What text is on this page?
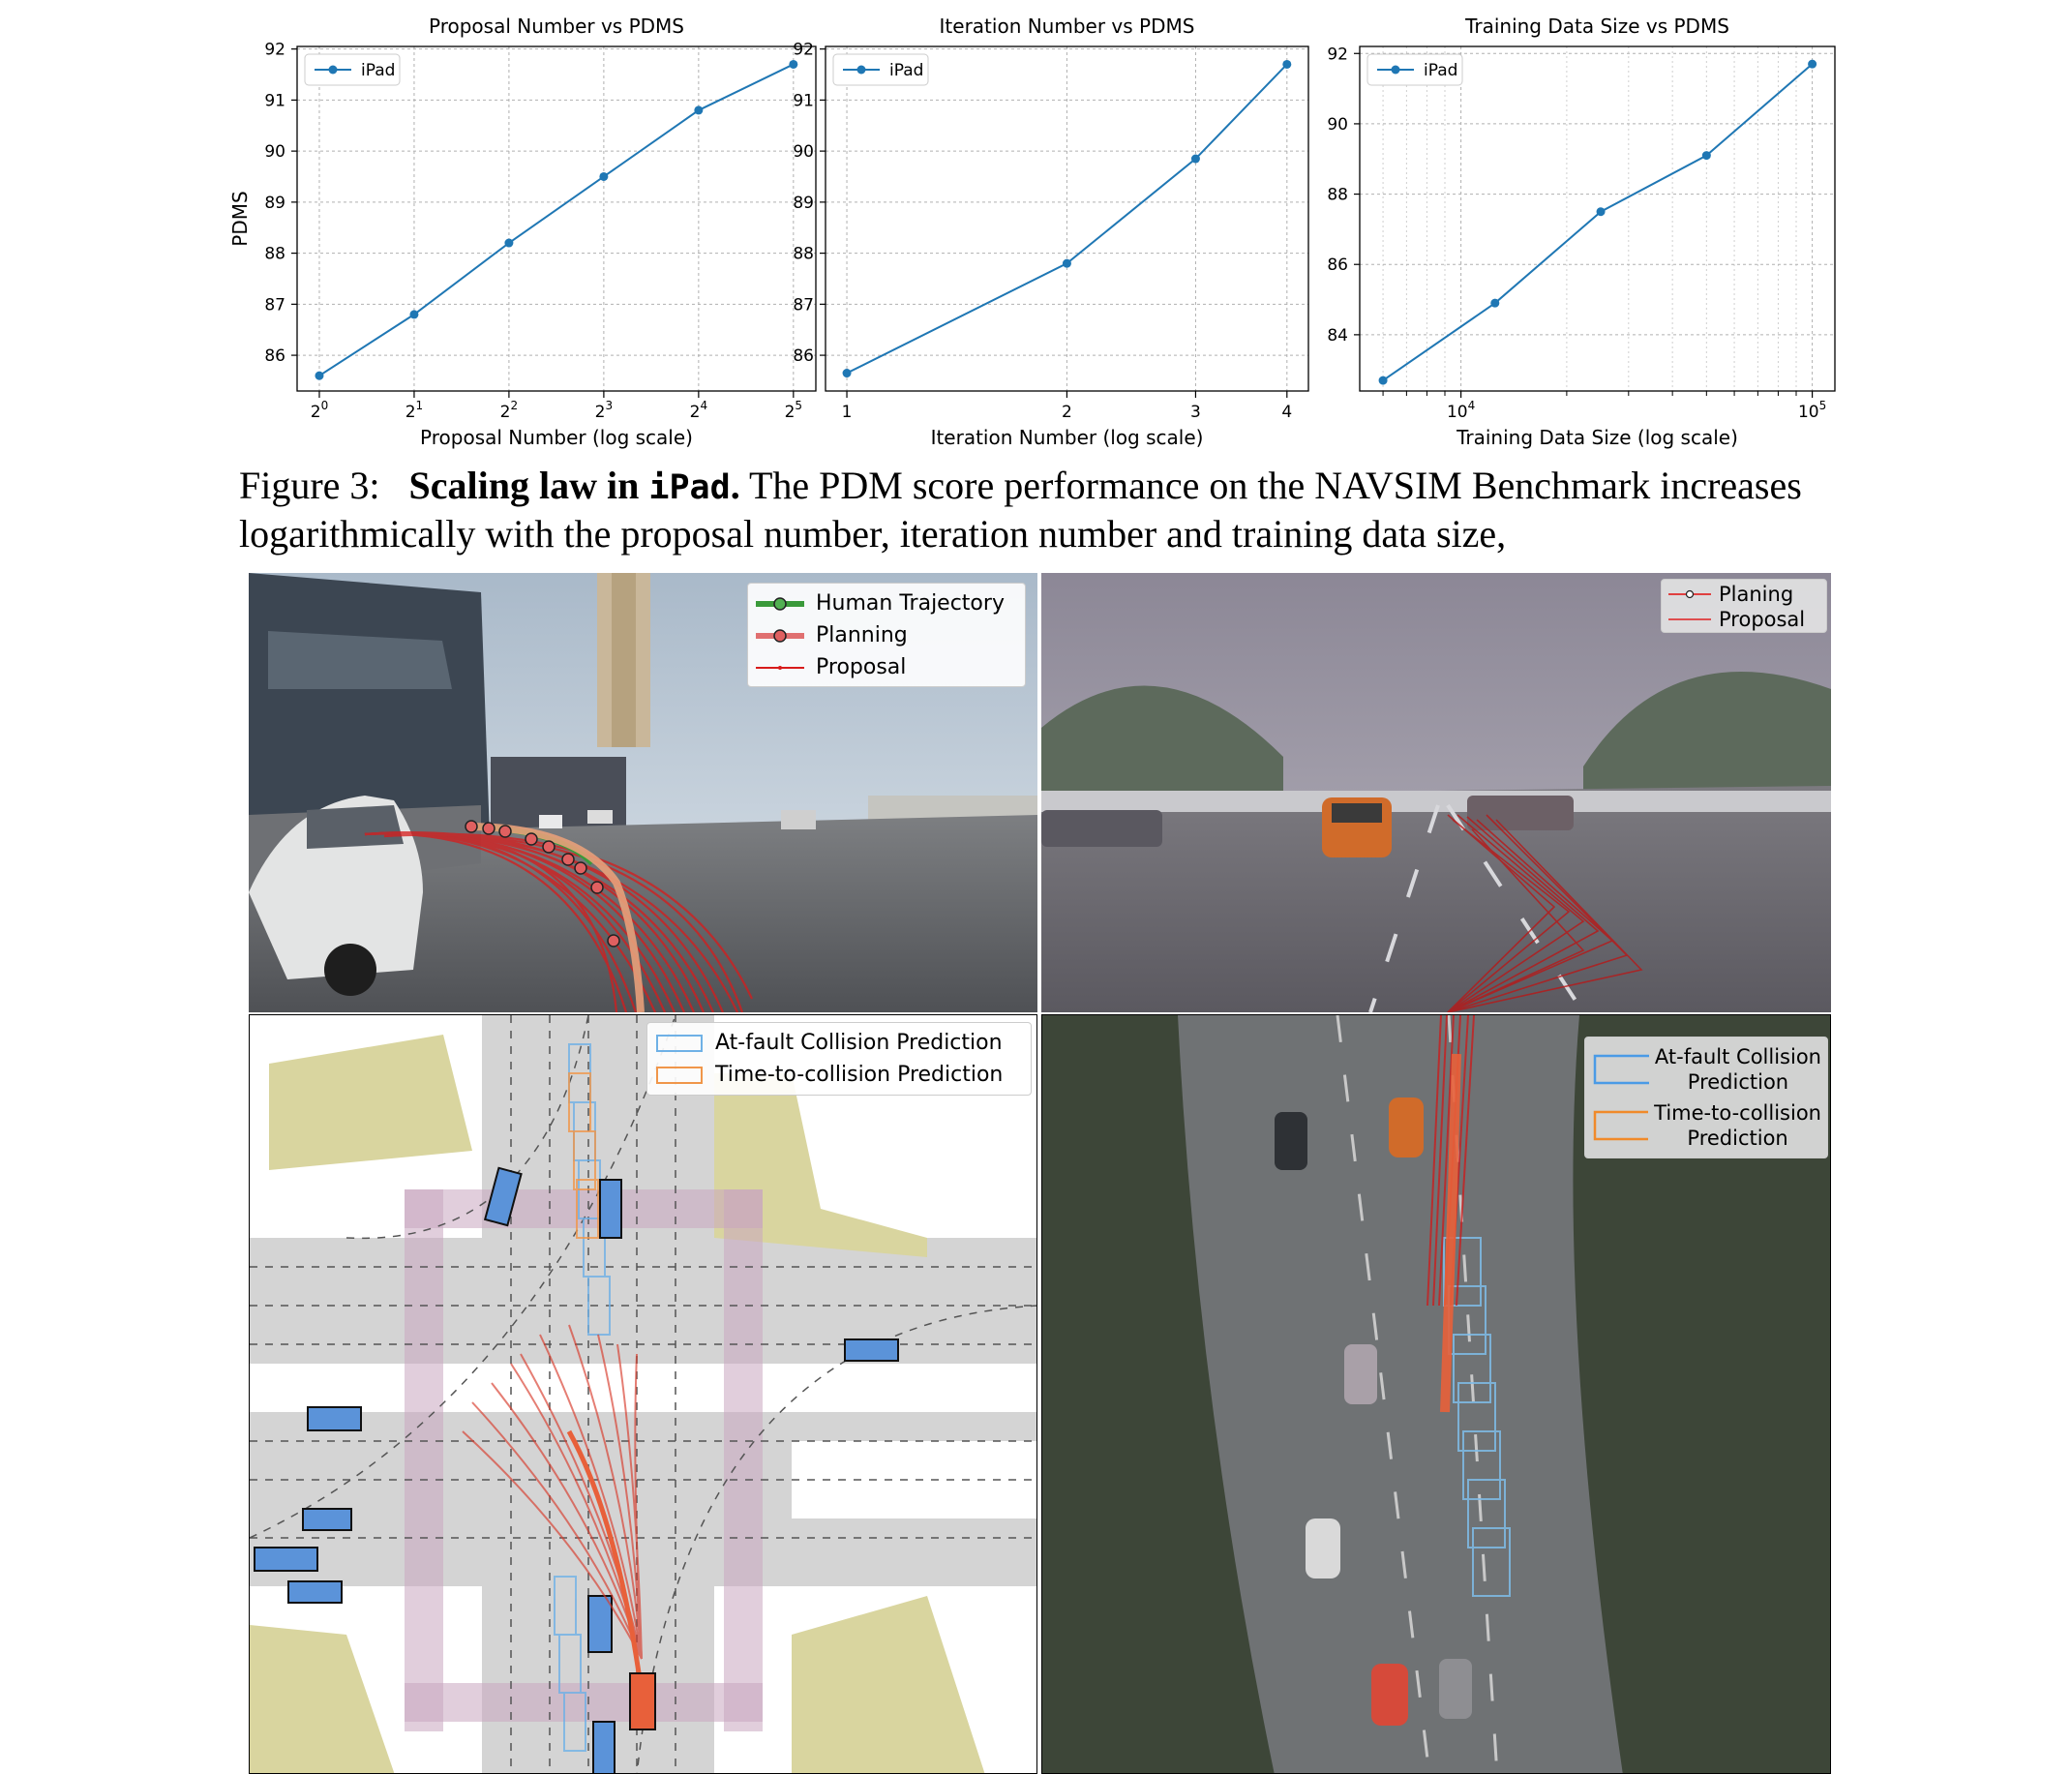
86
87
88
89
90
91
92
$2^0$	$2^1$	$2^2$	$2^3$	$2^4$	$2^5$
Proposal Number vs PDMS
Proposal Number (log scale)
PDMS
iPad
86
87
88
89
90
91
92
1	2	3	4
Iteration Number vs PDMS
Iteration Number (log scale)
iPad
84
86
88
90
92
$10^4$	$10^5$
Training Data Size vs PDMS
Training Data Size (log scale)
iPad
Figure 3: Scaling law in iPad. The PDM score performance on the NAVSIM Benchmark increases logarithmically with the proposal number, iteration number and training data size,
Human Trajectory
Planning
Proposal
Planing
Proposal
At-fault Collision Prediction
Time-to-collision Prediction
At-fault Collision
Prediction
Time-to-collision
Prediction
